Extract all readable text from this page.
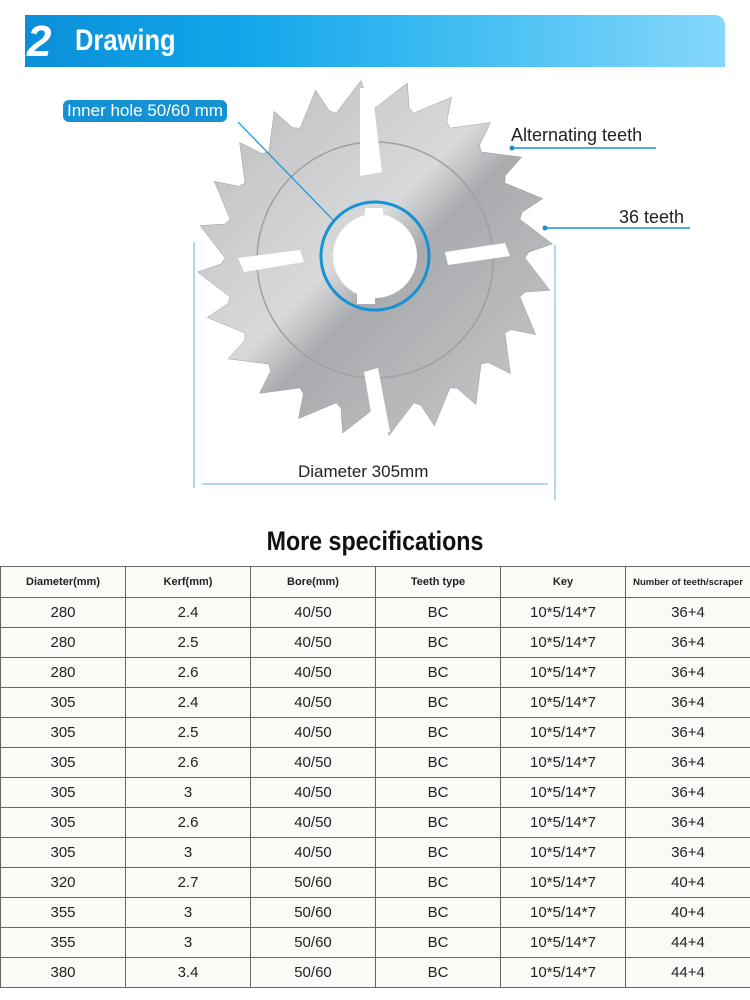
2 Drawing
Inner hole 50/60 mm
Alternating teeth
36 teeth
Diameter 305mm
More specifications
Diameter(mm)	Kerf(mm)	Bore(mm)	Teeth type	Key	Number of teeth/scraper
280	2.4	40/50	BC	10*5/14*7	36+4
280	2.5	40/50	BC	10*5/14*7	36+4
280	2.6	40/50	BC	10*5/14*7	36+4
305	2.4	40/50	BC	10*5/14*7	36+4
305	2.5	40/50	BC	10*5/14*7	36+4
305	2.6	40/50	BC	10*5/14*7	36+4
305	3	40/50	BC	10*5/14*7	36+4
305	2.6	40/50	BC	10*5/14*7	36+4
305	3	40/50	BC	10*5/14*7	36+4
320	2.7	50/60	BC	10*5/14*7	40+4
355	3	50/60	BC	10*5/14*7	40+4
355	3	50/60	BC	10*5/14*7	44+4
380	3.4	50/60	BC	10*5/14*7	44+4
